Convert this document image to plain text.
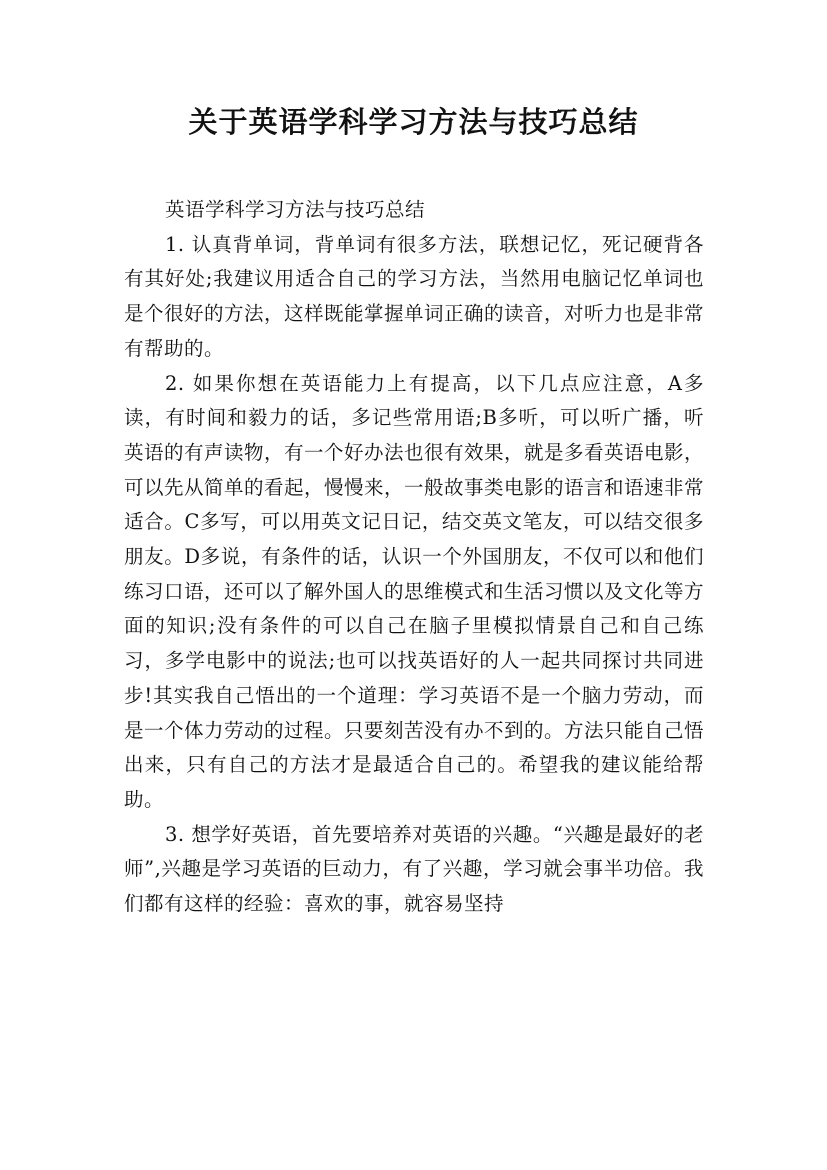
关于英语学科学习方法与技巧总结

英语学科学习方法与技巧总结

1. 认真背单词，背单词有很多方法，联想记忆，死记硬背各有其好处;我建议用适合自己的学习方法，当然用电脑记忆单词也是个很好的方法，这样既能掌握单词正确的读音，对听力也是非常有帮助的。

2. 如果你想在英语能力上有提高，以下几点应注意，A多读，有时间和毅力的话，多记些常用语;B多听，可以听广播，听英语的有声读物，有一个好办法也很有效果，就是多看英语电影，可以先从简单的看起，慢慢来，一般故事类电影的语言和语速非常适合。C多写，可以用英文记日记，结交英文笔友，可以结交很多朋友。D多说，有条件的话，认识一个外国朋友，不仅可以和他们练习口语，还可以了解外国人的思维模式和生活习惯以及文化等方面的知识;没有条件的可以自己在脑子里模拟情景自己和自己练习，多学电影中的说法;也可以找英语好的人一起共同探讨共同进步!其实我自己悟出的一个道理：学习英语不是一个脑力劳动，而是一个体力劳动的过程。只要刻苦没有办不到的。方法只能自己悟出来，只有自己的方法才是最适合自己的。希望我的建议能给帮助。

3. 想学好英语，首先要培养对英语的兴趣。“兴趣是最好的老师”,兴趣是学习英语的巨动力，有了兴趣，学习就会事半功倍。我们都有这样的经验：喜欢的事，就容易坚持
